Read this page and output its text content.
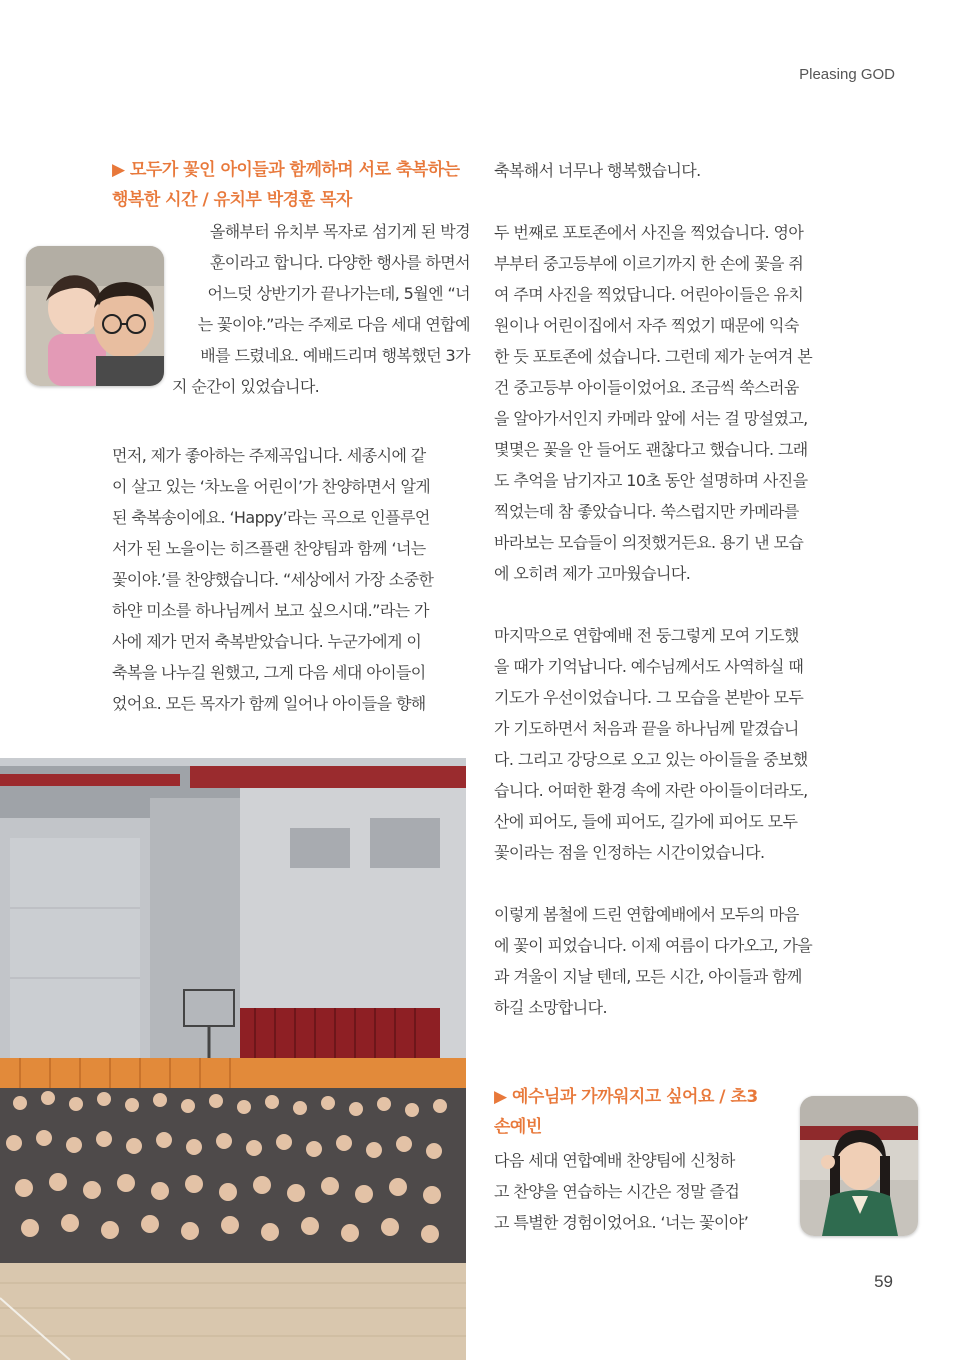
Pleasing GOD
▶ 모두가 꽃인 아이들과 함께하며 서로 축복하는
행복한 시간 / 유치부 박경훈 목자

올해부터 유치부 목자로 섬기게 된 박경
훈이라고 합니다. 다양한 행사를 하면서
어느덧 상반기가 끝나가는데, 5월엔 “너
는 꽃이야.”라는 주제로 다음 세대 연합예
배를 드렸네요. 예배드리며 행복했던 3가
지 순간이 있었습니다.

먼저, 제가 좋아하는 주제곡입니다. 세종시에 같
이 살고 있는 ‘차노을 어린이’가 찬양하면서 알게
된 축복송이에요. ‘Happy’라는 곡으로 인플루언
서가 된 노을이는 히즈플랜 찬양팀과 함께 ‘너는
꽃이야.’를 찬양했습니다. “세상에서 가장 소중한
하얀 미소를 하나님께서 보고 싶으시대.”라는 가
사에 제가 먼저 축복받았습니다. 누군가에게 이
축복을 나누길 원했고, 그게 다음 세대 아이들이
었어요. 모든 목자가 함께 일어나 아이들을 향해

축복해서 너무나 행복했습니다.

두 번째로 포토존에서 사진을 찍었습니다. 영아
부부터 중고등부에 이르기까지 한 손에 꽃을 쥐
여 주며 사진을 찍었답니다. 어린아이들은 유치
원이나 어린이집에서 자주 찍었기 때문에 익숙
한 듯 포토존에 섰습니다. 그런데 제가 눈여겨 본
건 중고등부 아이들이었어요. 조금씩 쑥스러움
을 알아가서인지 카메라 앞에 서는 걸 망설였고,
몇몇은 꽃을 안 들어도 괜찮다고 했습니다. 그래
도 추억을 남기자고 10초 동안 설명하며 사진을
찍었는데 참 좋았습니다. 쑥스럽지만 카메라를
바라보는 모습들이 의젓했거든요. 용기 낸 모습
에 오히려 제가 고마웠습니다.

마지막으로 연합예배 전 둥그렇게 모여 기도했
을 때가 기억납니다. 예수님께서도 사역하실 때
기도가 우선이었습니다. 그 모습을 본받아 모두
가 기도하면서 처음과 끝을 하나님께 맡겼습니
다. 그리고 강당으로 오고 있는 아이들을 중보했
습니다. 어떠한 환경 속에 자란 아이들이더라도,
산에 피어도, 들에 피어도, 길가에 피어도 모두
꽃이라는 점을 인정하는 시간이었습니다.

이렇게 봄철에 드린 연합예배에서 모두의 마음
에 꽃이 피었습니다. 이제 여름이 다가오고, 가을
과 겨울이 지날 텐데, 모든 시간, 아이들과 함께
하길 소망합니다.

▶ 예수님과 가까워지고 싶어요 / 초3
손예빈

다음 세대 연합예배 찬양팀에 신청하
고 찬양을 연습하는 시간은 정말 즐겁
고 특별한 경험이었어요. ‘너는 꽃이야’

59
